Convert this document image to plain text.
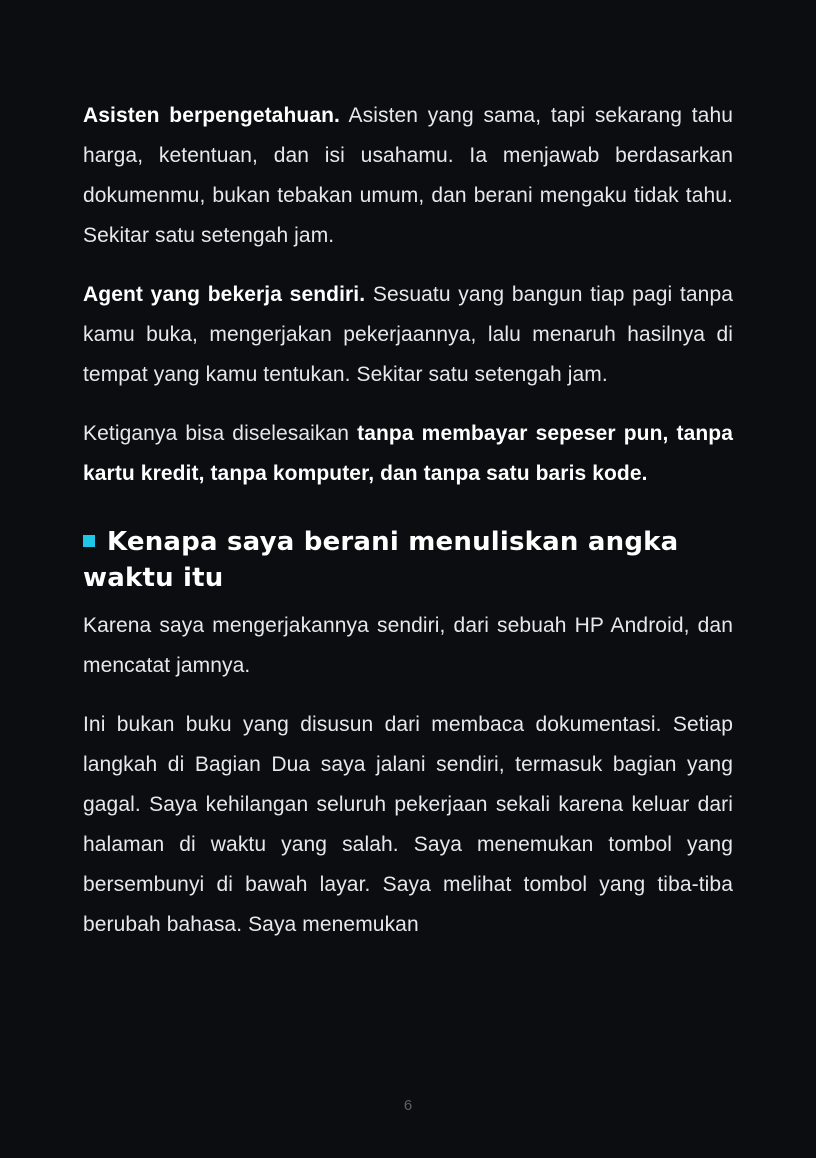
Asisten berpengetahuan. Asisten yang sama, tapi sekarang tahu harga, ketentuan, dan isi usahamu. Ia menjawab berdasarkan dokumenmu, bukan tebakan umum, dan berani mengaku tidak tahu. Sekitar satu setengah jam.

Agent yang bekerja sendiri. Sesuatu yang bangun tiap pagi tanpa kamu buka, mengerjakan pekerjaannya, lalu menaruh hasilnya di tempat yang kamu tentukan. Sekitar satu setengah jam.

Ketiganya bisa diselesaikan tanpa membayar sepeser pun, tanpa kartu kredit, tanpa komputer, dan tanpa satu baris kode.

Kenapa saya berani menuliskan angka waktu itu

Karena saya mengerjakannya sendiri, dari sebuah HP Android, dan mencatat jamnya.

Ini bukan buku yang disusun dari membaca dokumentasi. Setiap langkah di Bagian Dua saya jalani sendiri, termasuk bagian yang gagal. Saya kehilangan seluruh pekerjaan sekali karena keluar dari halaman di waktu yang salah. Saya menemukan tombol yang bersembunyi di bawah layar. Saya melihat tombol yang tiba-tiba berubah bahasa. Saya menemukan

6
